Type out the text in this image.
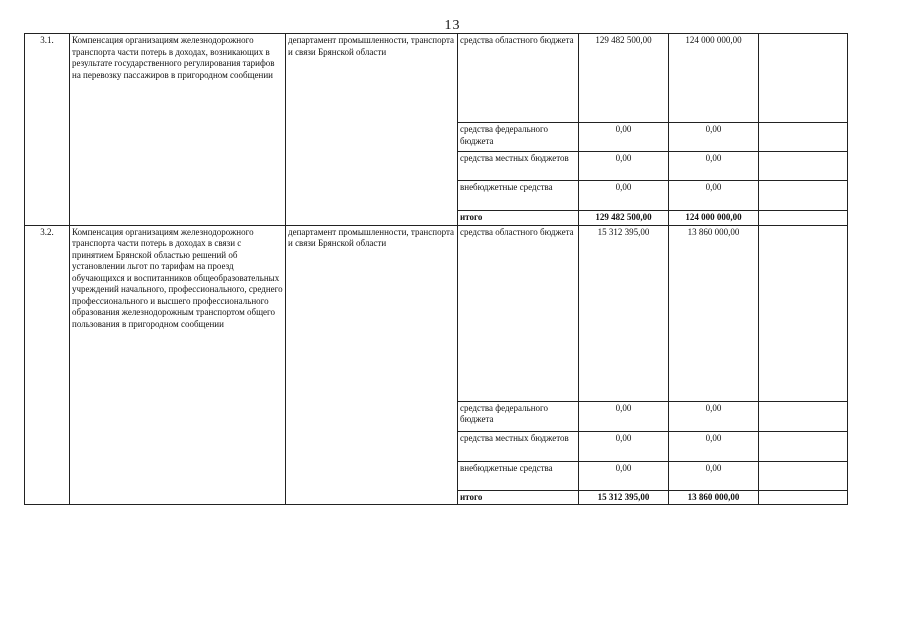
13
3.1.	Компенсация организациям железнодорожного транспорта части потерь в доходах, возникающих в результате государственного регулирования тарифов на перевозку пассажиров в пригородном сообщении	департамент промышленности, транспорта и связи Брянской области	средства областного бюджета	129 482 500,00	124 000 000,00	
			средства федерального бюджета	0,00	0,00	
			средства местных бюджетов	0,00	0,00	
			внебюджетные средства	0,00	0,00	
			итого	129 482 500,00	124 000 000,00	
3.2.	Компенсация организациям железнодорожного транспорта части потерь в доходах в связи с принятием Брянской областью решений об установлении льгот по тарифам на проезд обучающихся и воспитанников общеобразовательных учреждений начального, профессионального, среднего профессионального и высшего профессионального образования железнодорожным транспортом общего пользования в пригородном сообщении	департамент промышленности, транспорта и связи Брянской области	средства областного бюджета	15 312 395,00	13 860 000,00	
			средства федерального бюджета	0,00	0,00	
			средства местных бюджетов	0,00	0,00	
			внебюджетные средства	0,00	0,00	
			итого	15 312 395,00	13 860 000,00	
